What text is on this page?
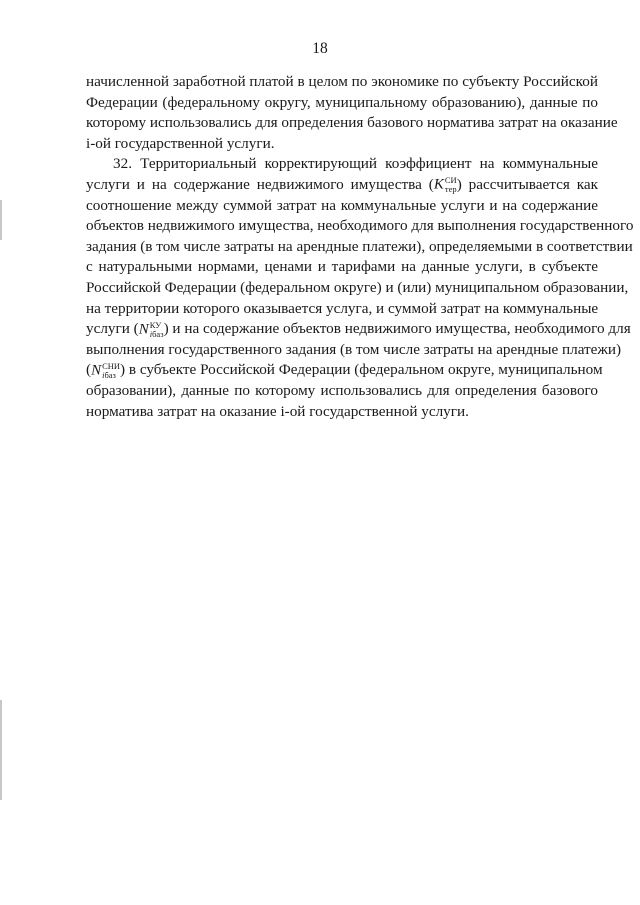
18
начисленной заработной платой в целом по экономике по субъекту Российской
Федерации (федеральному округу, муниципальному образованию), данные по
которому использовались для определения базового норматива затрат на оказание
i-ой государственной услуги.
32. Территориальный корректирующий коэффициент на коммунальные
услуги и на содержание недвижимого имущества (K СИ
тер ) рассчитывается как
соотношение между суммой затрат на коммунальные услуги и на содержание
объектов недвижимого имущества, необходимого для выполнения государственного
задания (в том числе затраты на арендные платежи), определяемыми в соответствии
с натуральными нормами, ценами и тарифами на данные услуги, в субъекте
Российской Федерации (федеральном округе) и (или) муниципальном образовании,
на территории которого оказывается услуга, и суммой затрат на коммунальные
услуги (N КУ
iбаз ) и на содержание объектов недвижимого имущества, необходимого для
выполнения государственного задания (в том числе затраты на арендные платежи)
(N СНИ
iбаз ) в субъекте Российской Федерации (федеральном округе, муниципальном
образовании), данные по которому использовались для определения базового
норматива затрат на оказание i-ой государственной услуги.
